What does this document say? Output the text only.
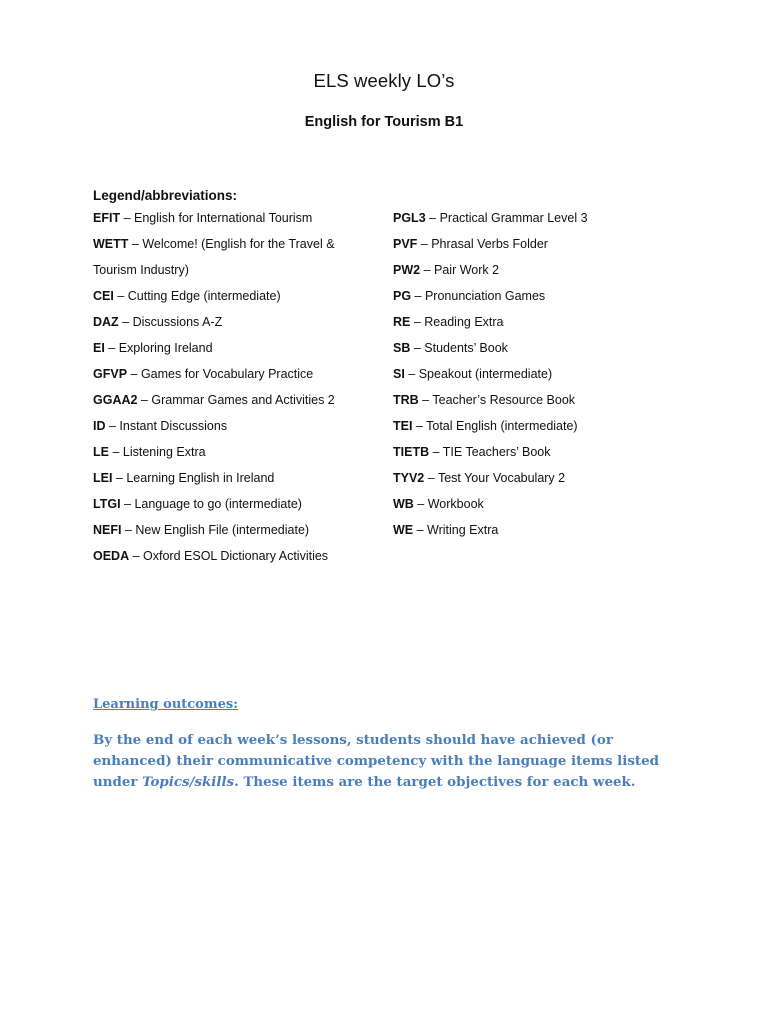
ELS weekly LO’s
English for Tourism B1
Legend/abbreviations:
EFIT – English for International Tourism
WETT – Welcome! (English for the Travel &
Tourism Industry)
CEI – Cutting Edge (intermediate)
DAZ – Discussions A-Z
EI – Exploring Ireland
GFVP – Games for Vocabulary Practice
GGAA2 – Grammar Games and Activities 2
ID – Instant Discussions
LE – Listening Extra
LEI – Learning English in Ireland
LTGI – Language to go (intermediate)
NEFI – New English File (intermediate)
OEDA – Oxford ESOL Dictionary Activities
PGL3 – Practical Grammar Level 3
PVF – Phrasal Verbs Folder
PW2 – Pair Work 2
PG – Pronunciation Games
RE – Reading Extra
SB – Students’ Book
SI – Speakout (intermediate)
TRB – Teacher’s Resource Book
TEI – Total English (intermediate)
TIETB – TIE Teachers’ Book
TYV2 – Test Your Vocabulary 2
WB – Workbook
WE – Writing Extra
Learning outcomes:
By the end of each week’s lessons, students should have achieved (or enhanced) their communicative competency with the language items listed under Topics/skills. These items are the target objectives for each week.
